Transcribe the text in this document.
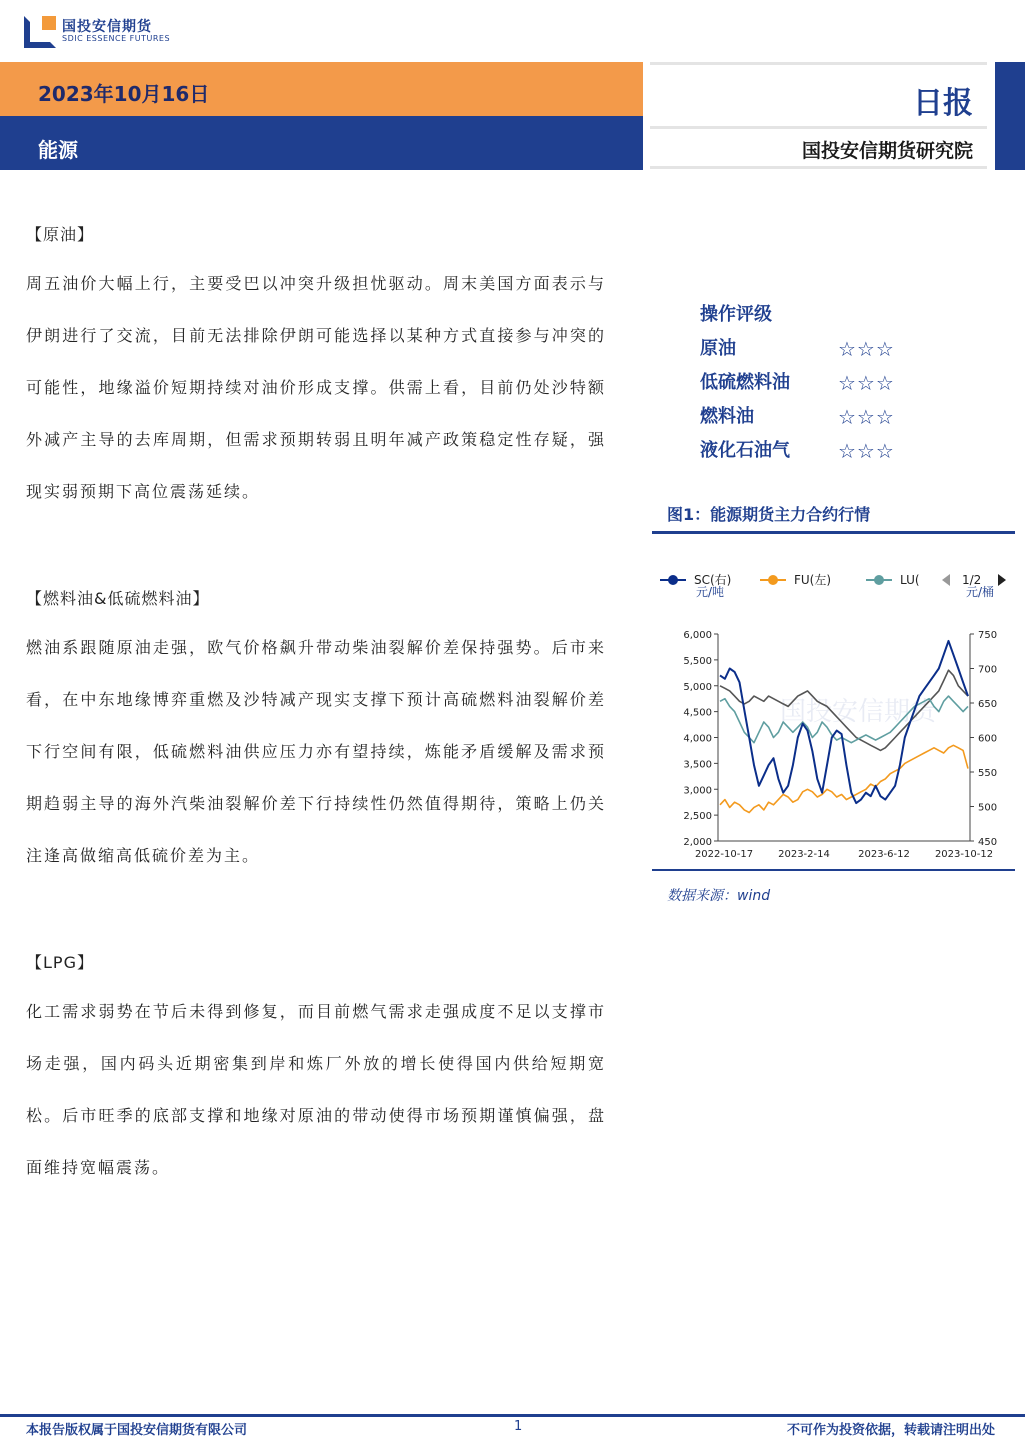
国投安信期货
SDIC ESSENCE FUTURES
2023年10月16日
能源
日报
国投安信期货研究院
【原油】
周五油价大幅上行，主要受巴以冲突升级担忧驱动。周末美国方面表示与伊朗进行了交流，目前无法排除伊朗可能选择以某种方式直接参与冲突的可能性，地缘溢价短期持续对油价形成支撑。供需上看，目前仍处沙特额外减产主导的去库周期，但需求预期转弱且明年减产政策稳定性存疑，强现实弱预期下高位震荡延续。
【燃料油&低硫燃料油】
燃油系跟随原油走强，欧气价格飙升带动柴油裂解价差保持强势。后市来看，在中东地缘博弈重燃及沙特减产现实支撑下预计高硫燃料油裂解价差下行空间有限，低硫燃料油供应压力亦有望持续，炼能矛盾缓解及需求预期趋弱主导的海外汽柴油裂解价差下行持续性仍然值得期待，策略上仍关注逢高做缩高低硫价差为主。
【LPG】
化工需求弱势在节后未得到修复，而目前燃气需求走强成度不足以支撑市场走强，国内码头近期密集到岸和炼厂外放的增长使得国内供给短期宽松。后市旺季的底部支撑和地缘对原油的带动使得市场预期谨慎偏强，盘面维持宽幅震荡。
操作评级
原油	☆☆☆
低硫燃料油	☆☆☆
燃料油	☆☆☆
液化石油气	☆☆☆
图1：能源期货主力合约行情
SC(右)	FU(左)	LU(	1/2
元/吨	元/桶
国投安信期货
6,000
5,500
5,000
4,500
4,000
3,500
3,000
2,500
2,000
750
700
650
600
550
500
450
2022-10-17	2023-2-14	2023-6-12	2023-10-12
数据来源：wind
本报告版权属于国投安信期货有限公司	1	不可作为投资依据，转载请注明出处
